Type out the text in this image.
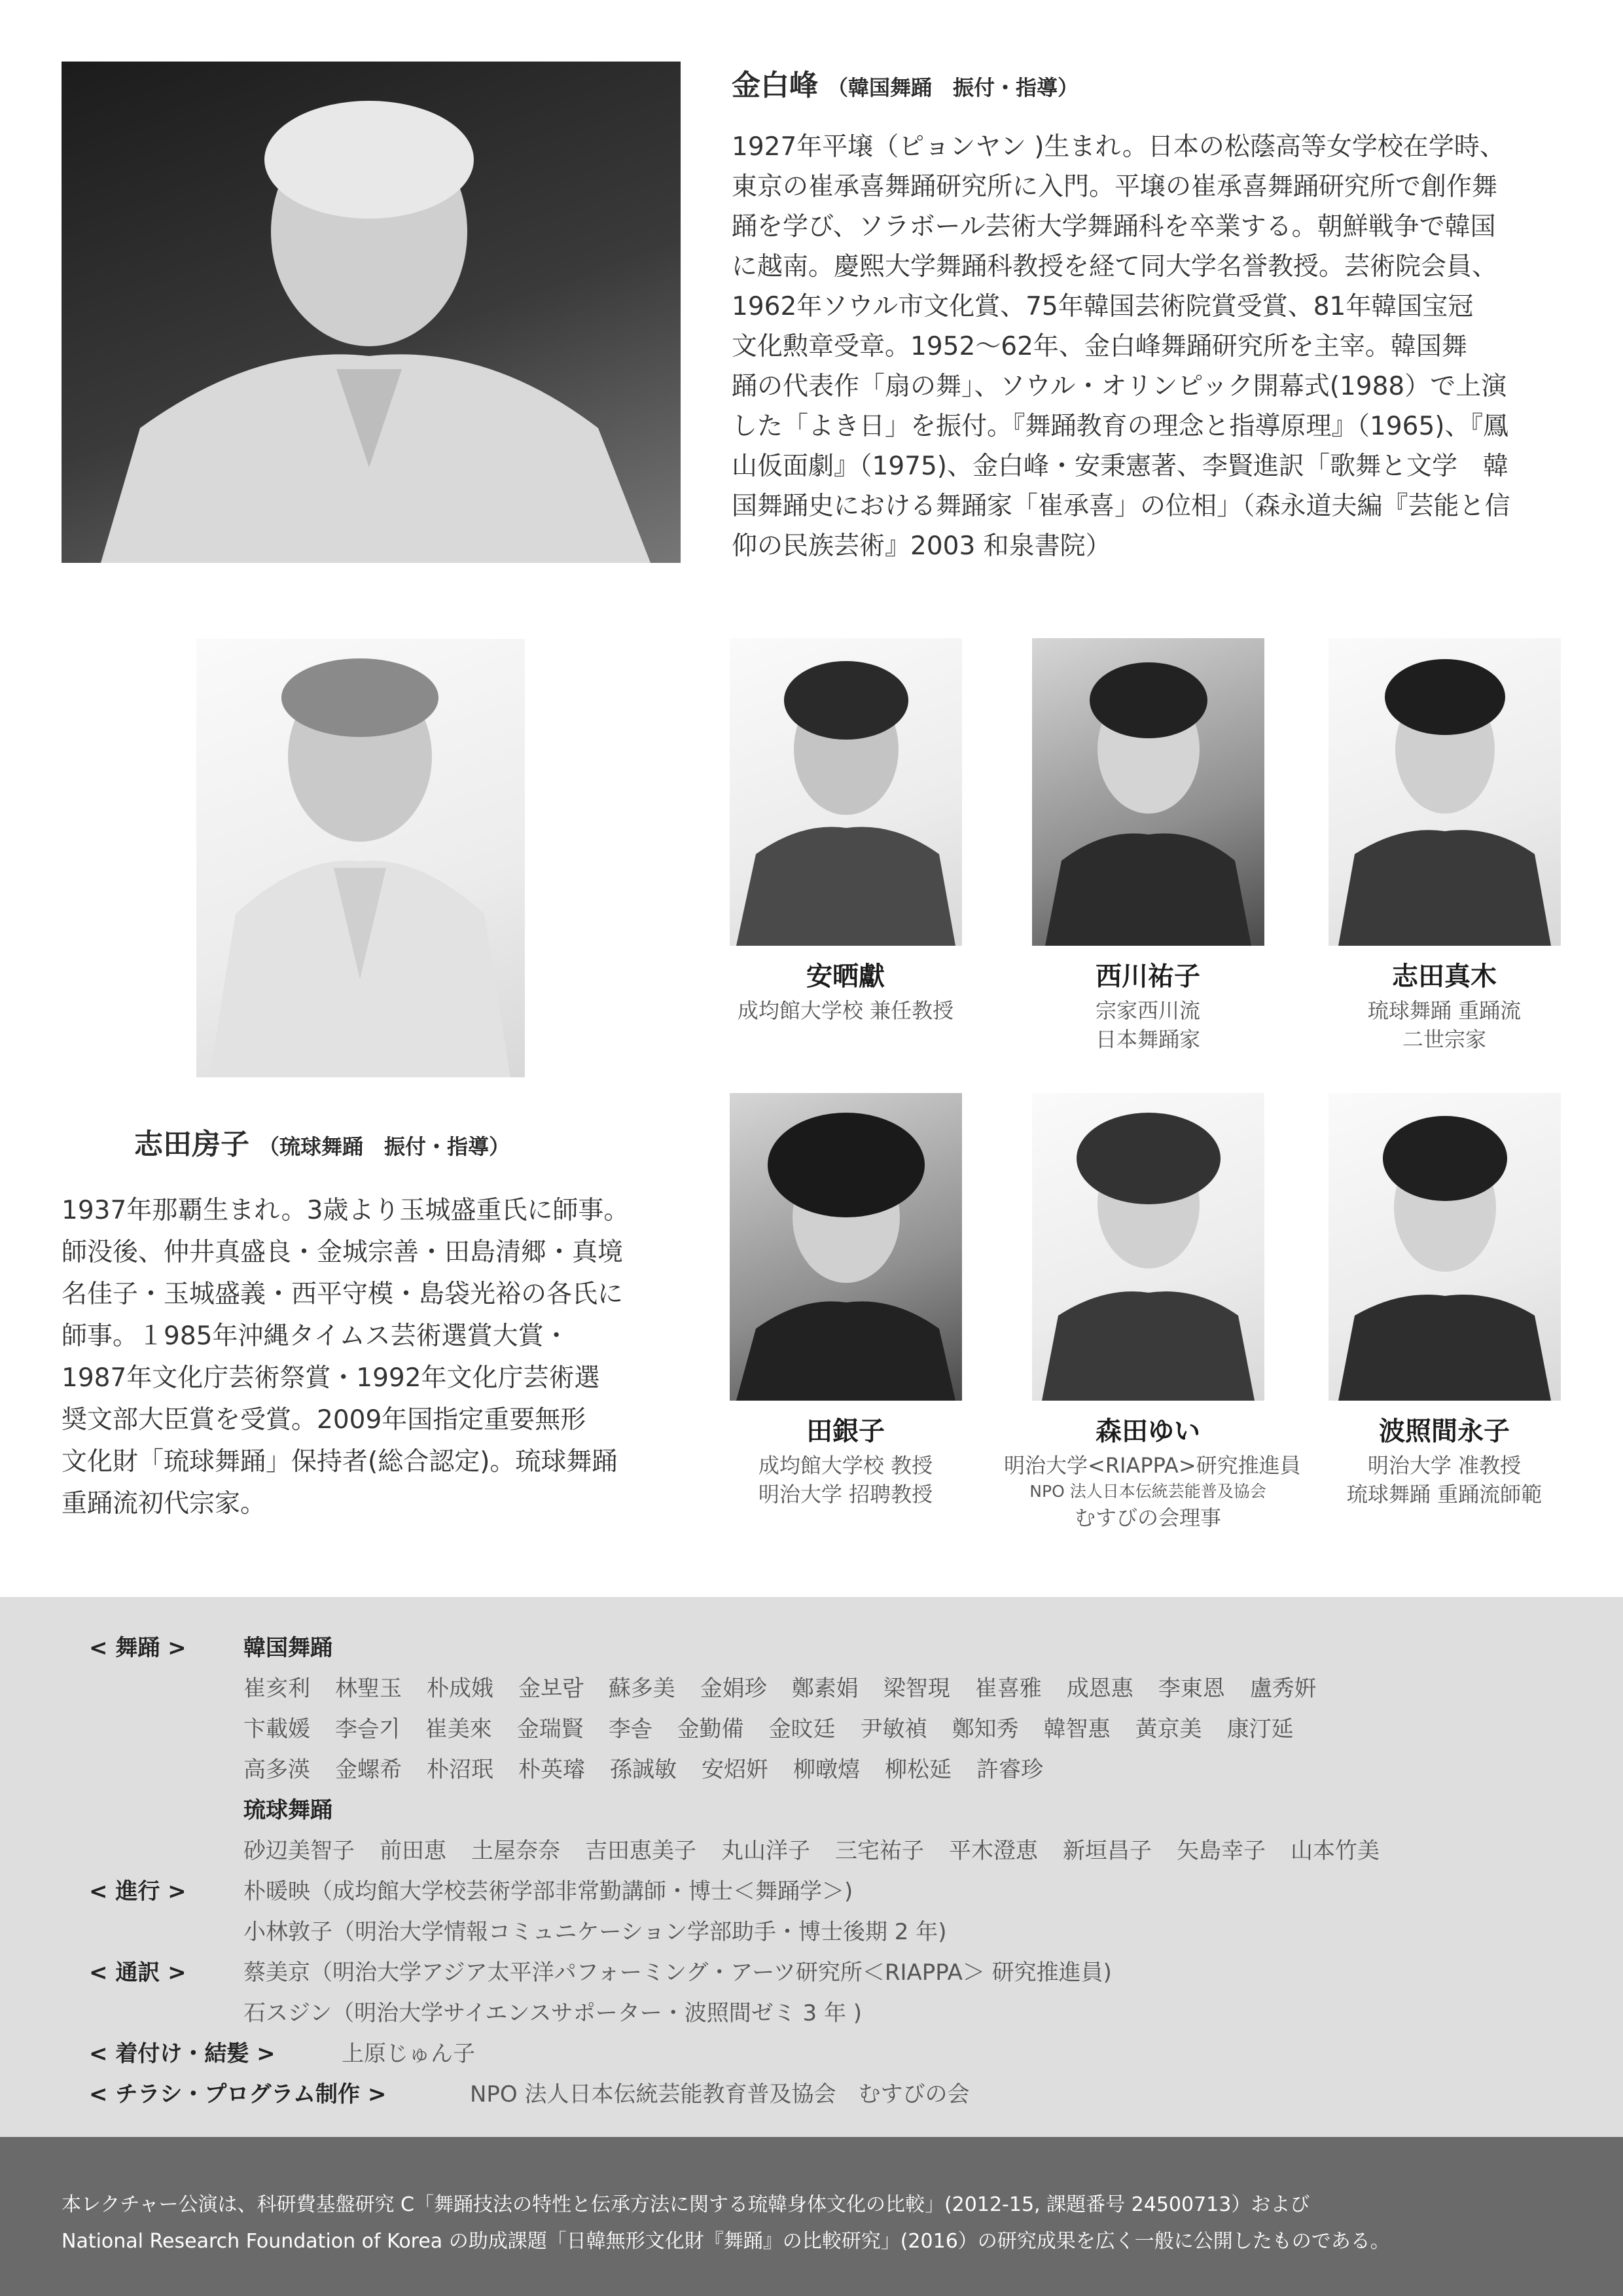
金白峰 （韓国舞踊　振付・指導）

1927年平壌（ピョンヤン )生まれ。日本の松蔭高等女学校在学時、

東京の崔承喜舞踊研究所に入門。平壌の崔承喜舞踊研究所で創作舞

踊を学び、ソラボール芸術大学舞踊科を卒業する。朝鮮戦争で韓国

に越南。慶熙大学舞踊科教授を経て同大学名誉教授。芸術院会員、

1962年ソウル市文化賞、75年韓国芸術院賞受賞、81年韓国宝冠

文化勲章受章。1952～62年、金白峰舞踊研究所を主宰。韓国舞

踊の代表作「扇の舞」、ソウル・オリンピック開幕式(1988）で上演

した「よき日」を振付。『舞踊教育の理念と指導原理』（1965)、『鳳

山仮面劇』（1975)、金白峰・安秉憲著、李賢進訳「歌舞と文学　韓

国舞踊史における舞踊家「崔承喜」の位相」（森永道夫編『芸能と信

仰の民族芸術』2003 和泉書院）

志田房子 （琉球舞踊　振付・指導）

1937年那覇生まれ。3歳より玉城盛重氏に師事。

師没後、仲井真盛良・金城宗善・田島清郷・真境

名佳子・玉城盛義・西平守模・島袋光裕の各氏に

師事。１985年沖縄タイムス芸術選賞大賞・

1987年文化庁芸術祭賞・1992年文化庁芸術選

奨文部大臣賞を受賞。2009年国指定重要無形

文化財「琉球舞踊」保持者(総合認定)。琉球舞踊

重踊流初代宗家。

安晒獻
成均館大学校 兼任教授
西川祐子
宗家西川流
日本舞踊家
志田真木
琉球舞踊 重踊流
二世宗家
田銀子
成均館大学校 教授
明治大学 招聘教授
森田ゆい
明治大学<RIAPPA>研究推進員
NPO 法人日本伝統芸能普及協会
むすびの会理事
波照間永子
明治大学 准教授
琉球舞踊 重踊流師範
< 舞踊 >	韓国舞踊
崔亥利 林聖玉 朴成娥 金보람 蘇多美 金娟珍 鄭素娟 梁智現 崔喜雅 成恩惠 李東恩 盧秀姸
卞載媛 李슬기 崔美來 金瑞賢 李솔 金勤備 金旼廷 尹敏禎 鄭知秀 韓智惠 黃京美 康汀延
高多渶 金螺希 朴沼珉 朴英璿 孫誠敏 安炤姸 柳暾熺 柳松延 許睿珍
琉球舞踊
砂辺美智子 前田恵 土屋奈奈 吉田恵美子 丸山洋子 三宅祐子 平木澄恵 新垣昌子 矢島幸子 山本竹美
< 進行 >	朴暖映（成均館大学校芸術学部非常勤講師・博士＜舞踊学＞)
小林敦子（明治大学情報コミュニケーション学部助手・博士後期 2 年)
< 通訳 >	蔡美京（明治大学アジア太平洋パフォーミング・アーツ研究所＜RIAPPA＞ 研究推進員)
石スジン（明治大学サイエンスサポーター・波照間ゼミ 3 年 )
< 着付け・結髪 >	上原じゅん子
< チラシ・プログラム制作 >	NPO 法人日本伝統芸能教育普及協会　むすびの会
本レクチャー公演は、科研費基盤研究 C「舞踊技法の特性と伝承方法に関する琉韓身体文化の比較」(2012-15, 課題番号 24500713）および
National Research Foundation of Korea の助成課題「日韓無形文化財『舞踊』の比較研究」(2016）の研究成果を広く一般に公開したものである。
